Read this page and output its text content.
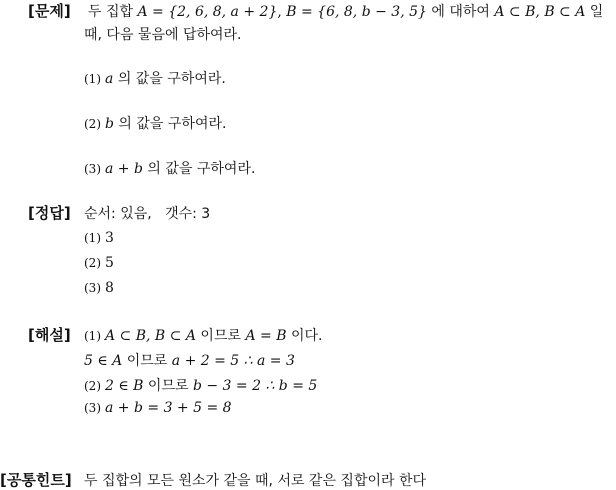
[문제] 두 집합 A = {2, 6, 8, a + 2}, B = {6, 8, b − 3, 5} 에 대하여 A ⊂ B, B ⊂ A 일
때, 다음 물음에 답하여라.
(1) a 의 값을 구하여라.
(2) b 의 값을 구하여라.
(3) a + b 의 값을 구하여라.
[정답] 순서: 있음,   갯수: 3
(1) 3
(2) 5
(3) 8
[해설] (1) A ⊂ B, B ⊂ A 이므로 A = B 이다.
5 ∈ A 이므로 a + 2 = 5 ∴ a = 3
(2) 2 ∈ B 이므로 b − 3 = 2 ∴ b = 5
(3) a + b = 3 + 5 = 8
[공통힌트] 두 집합의 모든 원소가 같을 때, 서로 같은 집합이라 한다
